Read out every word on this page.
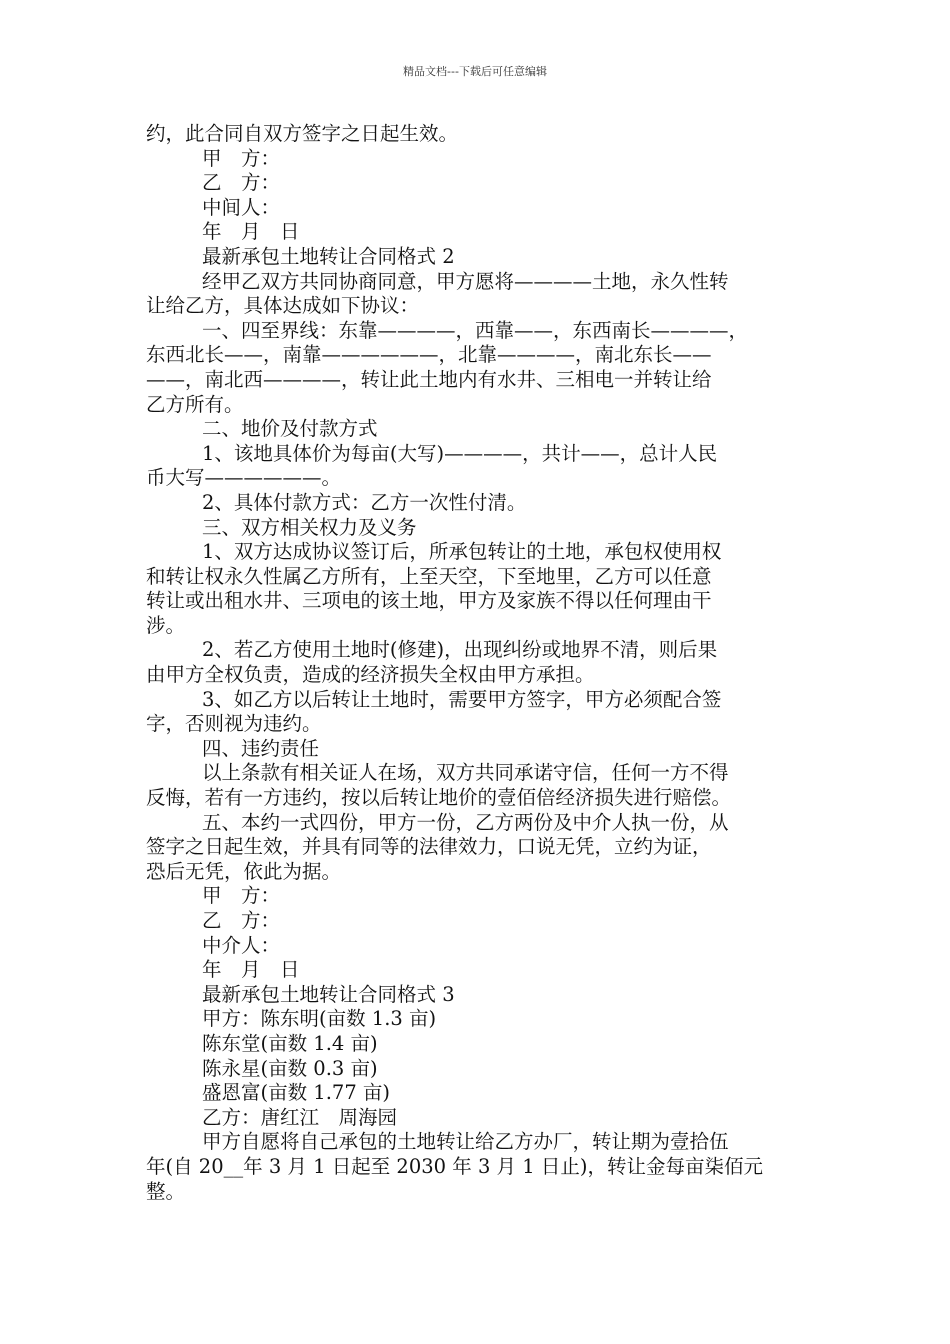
精品文档---下载后可任意编辑
约，此合同自双方签字之日起生效。
甲　方：
乙　方：
中间人：
年　月　日
最新承包土地转让合同格式 2
经甲乙双方共同协商同意，甲方愿将————土地，永久性转
让给乙方，具体达成如下协议：
一、四至界线：东靠————，西靠——，东西南长————，
东西北长——，南靠——————，北靠————，南北东长——
——，南北西————，转让此土地内有水井、三相电一并转让给
乙方所有。
二、地价及付款方式
1、该地具体价为每亩(大写)————，共计——，总计人民
币大写——————。
2、具体付款方式：乙方一次性付清。
三、双方相关权力及义务
1、双方达成协议签订后，所承包转让的土地，承包权使用权
和转让权永久性属乙方所有，上至天空，下至地里，乙方可以任意
转让或出租水井、三项电的该土地，甲方及家族不得以任何理由干
涉。
2、若乙方使用土地时(修建)，出现纠纷或地界不清，则后果
由甲方全权负责，造成的经济损失全权由甲方承担。
3、如乙方以后转让土地时，需要甲方签字，甲方必须配合签
字，否则视为违约。
四、违约责任
以上条款有相关证人在场，双方共同承诺守信，任何一方不得
反悔，若有一方违约，按以后转让地价的壹佰倍经济损失进行赔偿。
五、本约一式四份，甲方一份，乙方两份及中介人执一份，从
签字之日起生效，并具有同等的法律效力，口说无凭，立约为证，
恐后无凭，依此为据。
甲　方：
乙　方：
中介人：
年　月　日
最新承包土地转让合同格式 3
甲方：陈东明(亩数 1.3 亩)
陈东堂(亩数 1.4 亩)
陈永星(亩数 0.3 亩)
盛恩富(亩数 1.77 亩)
乙方：唐红江　周海园
甲方自愿将自己承包的土地转让给乙方办厂，转让期为壹拾伍
年(自 20__年 3 月 1 日起至 2030 年 3 月 1 日止)，转让金每亩柒佰元
整。
